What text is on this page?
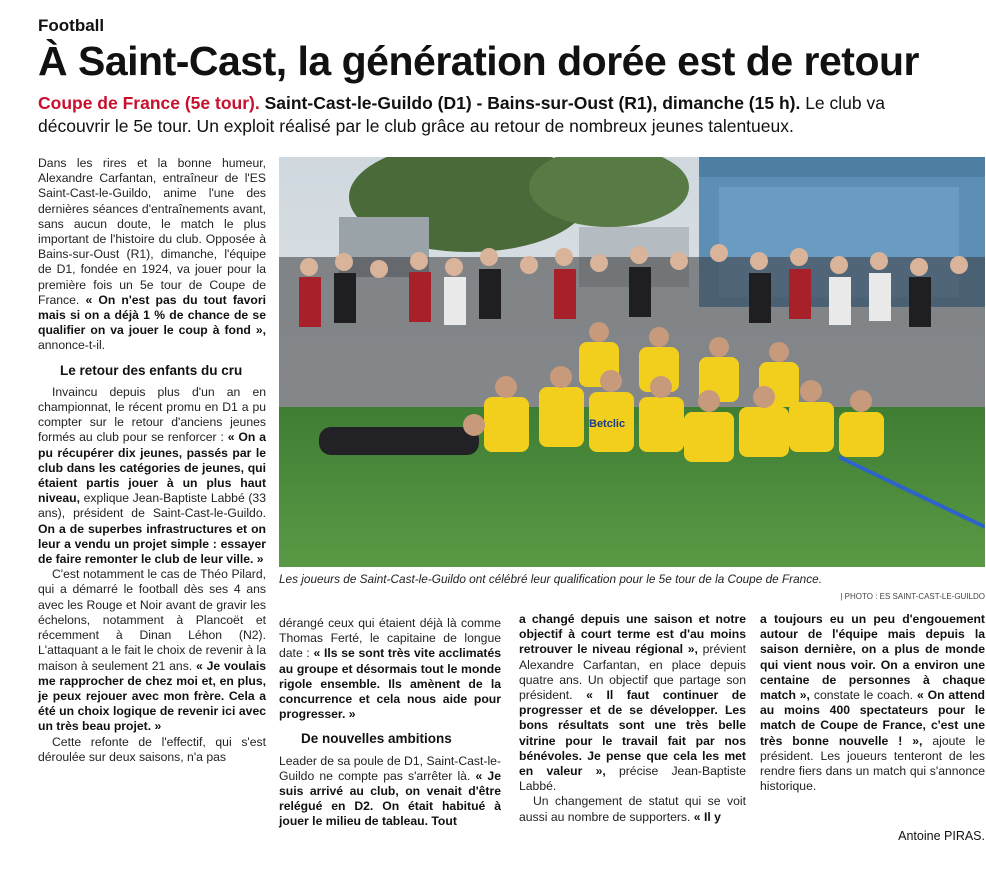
Football
À Saint-Cast, la génération dorée est de retour
Coupe de France (5e tour). Saint-Cast-le-Guildo (D1) - Bains-sur-Oust (R1), dimanche (15 h). Le club va découvrir le 5e tour. Un exploit réalisé par le club grâce au retour de nombreux jeunes talentueux.

Dans les rires et la bonne humeur, Alexandre Carfantan, entraîneur de l'ES Saint-Cast-le-Guildo, anime l'une des dernières séances d'entraînements avant, sans aucun doute, le match le plus important de l'histoire du club. Opposée à Bains-sur-Oust (R1), dimanche, l'équipe de D1, fondée en 1924, va jouer pour la première fois un 5e tour de Coupe de France. « On n'est pas du tout favori mais si on a déjà 1 % de chance de se qualifier on va jouer le coup à fond », annonce-t-il.

Le retour des enfants du cru

Invaincu depuis plus d'un an en championnat, le récent promu en D1 a pu compter sur le retour d'anciens jeunes formés au club pour se renforcer : « On a pu récupérer dix jeunes, passés par le club dans les catégories de jeunes, qui étaient partis jouer à un plus haut niveau, explique Jean-Baptiste Labbé (33 ans), président de Saint-Cast-le-Guildo. On a de superbes infrastructures et on leur a vendu un projet simple : essayer de faire remonter le club de leur ville. »

C'est notamment le cas de Théo Pilard, qui a démarré le football dès ses 4 ans avec les Rouge et Noir avant de gravir les échelons, notamment à Plancoët et récemment à Dinan Léhon (N2). L'attaquant a le fait le choix de revenir à la maison à seulement 21 ans. « Je voulais me rapprocher de chez moi et, en plus, je peux rejouer avec mon frère. Cela a été un choix logique de revenir ici avec un très beau projet. »

Cette refonte de l'effectif, qui s'est déroulée sur deux saisons, n'a pas

Betclic
Les joueurs de Saint-Cast-le-Guildo ont célébré leur qualification pour le 5e tour de la Coupe de France.
| PHOTO : ES SAINT-CAST-LE-GUILDO

dérangé ceux qui étaient déjà là comme Thomas Ferté, le capitaine de longue date : « Ils se sont très vite acclimatés au groupe et désormais tout le monde rigole ensemble. Ils amènent de la concurrence et cela nous aide pour progresser. »

De nouvelles ambitions

Leader de sa poule de D1, Saint-Cast-le-Guildo ne compte pas s'arrêter là. « Je suis arrivé au club, on venait d'être relégué en D2. On était habitué à jouer le milieu de tableau. Tout

a changé depuis une saison et notre objectif à court terme est d'au moins retrouver le niveau régional », prévient Alexandre Carfantan, en place depuis quatre ans. Un objectif que partage son président. « Il faut continuer de progresser et de se développer. Les bons résultats sont une très belle vitrine pour le travail fait par nos bénévoles. Je pense que cela les met en valeur », précise Jean-Baptiste Labbé.

Un changement de statut qui se voit aussi au nombre de supporters. « Il y

a toujours eu un peu d'engouement autour de l'équipe mais depuis la saison dernière, on a plus de monde qui vient nous voir. On a environ une centaine de personnes à chaque match », constate le coach. « On attend au moins 400 spectateurs pour le match de Coupe de France, c'est une très bonne nouvelle ! », ajoute le président. Les joueurs tenteront de les rendre fiers dans un match qui s'annonce historique.

Antoine PIRAS.
